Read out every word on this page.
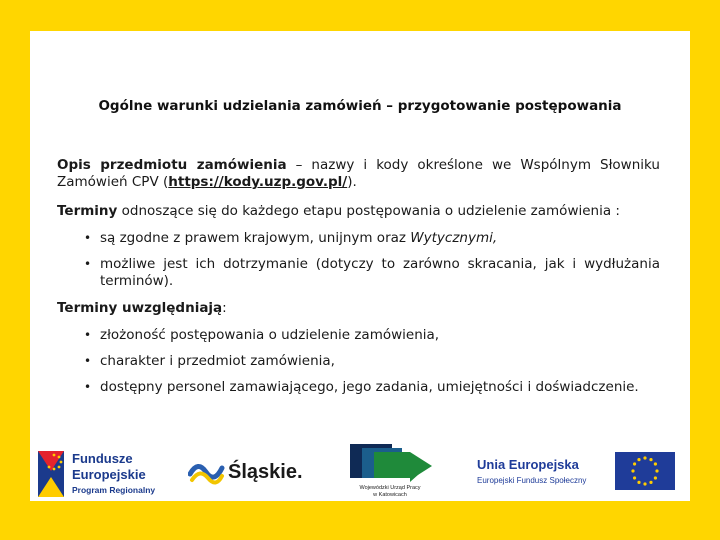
Ogólne warunki udzielania zamówień – przygotowanie postępowania

Opis przedmiotu zamówienia – nazwy i kody określone we Wspólnym Słowniku Zamówień CPV (https://kody.uzp.gov.pl/).

Terminy odnoszące się do każdego etapu postępowania o udzielenie zamówienia :

• są zgodne z prawem krajowym, unijnym oraz Wytycznymi,
• możliwe jest ich dotrzymanie (dotyczy to zarówno skracania, jak i wydłużania terminów).

Terminy uwzględniają:

• złożoność postępowania o udzielenie zamówienia,
• charakter i przedmiot zamówienia,
• dostępny personel zamawiającego, jego zadania, umiejętności i doświadczenie.
Fundusze
Europejskie
Program Regionalny
Śląskie.
Wojewódzki Urząd Pracy
w Katowicach
Unia Europejska
Europejski Fundusz Społeczny
